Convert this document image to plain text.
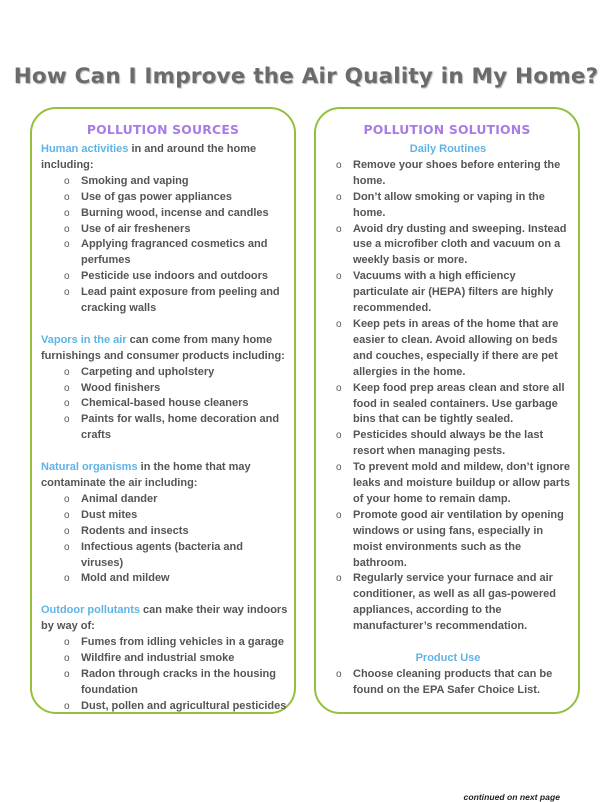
How Can I Improve the Air Quality in My Home?
POLLUTION SOURCES

Human activities in and around the home including:

o Smoking and vaping
o Use of gas power appliances
o Burning wood, incense and candles
o Use of air fresheners
o Applying fragranced cosmetics and perfumes
o Pesticide use indoors and outdoors
o Lead paint exposure from peeling and cracking walls

Vapors in the air can come from many home furnishings and consumer products including:

o Carpeting and upholstery
o Wood finishers
o Chemical-based house cleaners
o Paints for walls, home decoration and crafts

Natural organisms in the home that may contaminate the air including:

o Animal dander
o Dust mites
o Rodents and insects
o Infectious agents (bacteria and viruses)
o Mold and mildew

Outdoor pollutants can make their way indoors by way of:

o Fumes from idling vehicles in a garage
o Wildfire and industrial smoke
o Radon through cracks in the housing foundation
o Dust, pollen and agricultural pesticides
POLLUTION SOLUTIONS

Daily Routines

o Remove your shoes before entering the home.
o Don’t allow smoking or vaping in the home.
o Avoid dry dusting and sweeping. Instead use a microfiber cloth and vacuum on a weekly basis or more.
o Vacuums with a high efficiency particulate air (HEPA) filters are highly recommended.
o Keep pets in areas of the home that are easier to clean. Avoid allowing on beds and couches, especially if there are pet allergies in the home.
o Keep food prep areas clean and store all food in sealed containers. Use garbage bins that can be tightly sealed.
o Pesticides should always be the last resort when managing pests.
o To prevent mold and mildew, don’t ignore leaks and moisture buildup or allow parts of your home to remain damp.
o Promote good air ventilation by opening windows or using fans, especially in moist environments such as the bathroom.
o Regularly service your furnace and air conditioner, as well as all gas-powered appliances, according to the manufacturer’s recommendation.

Product Use

o Choose cleaning products that can be found on the EPA Safer Choice List.

continued on next page
